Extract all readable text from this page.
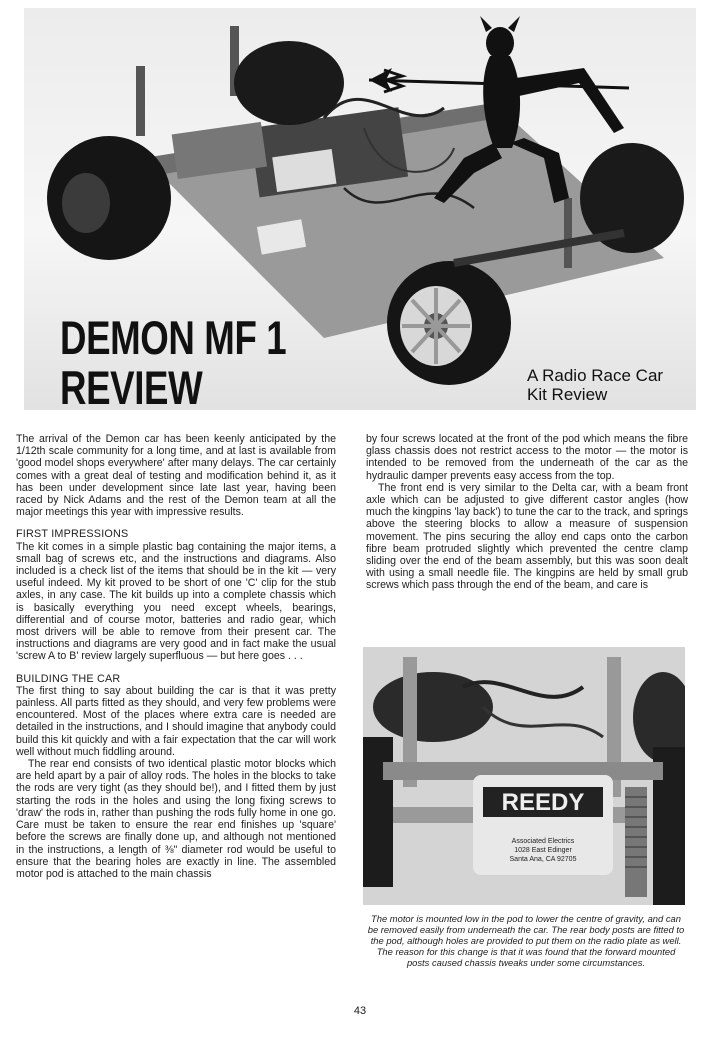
DEMON MF 1
REVIEW	A Radio Race Car
Kit Review

The arrival of the Demon car has been keenly anticipated by the 1/12th scale community for a long time, and at last is available from 'good model shops everywhere' after many delays. The car certainly comes with a great deal of testing and modification behind it, as it has been under development since late last year, having been raced by Nick Adams and the rest of the Demon team at all the major meetings this year with impressive results.

FIRST IMPRESSIONS

The kit comes in a simple plastic bag containing the major items, a small bag of screws etc, and the instructions and diagrams. Also included is a check list of the items that should be in the kit — very useful indeed. My kit proved to be short of one 'C' clip for the stub axles, in any case. The kit builds up into a complete chassis which is basically everything you need except wheels, bearings, differential and of course motor, batteries and radio gear, which most drivers will be able to remove from their present car. The instructions and diagrams are very good and in fact make the usual 'screw A to B' review largely superfluous — but here goes . . .

BUILDING THE CAR

The first thing to say about building the car is that it was pretty painless. All parts fitted as they should, and very few problems were encountered. Most of the places where extra care is needed are detailed in the instructions, and I should imagine that anybody could build this kit quickly and with a fair expectation that the car will work well without much fiddling around.

The rear end consists of two identical plastic motor blocks which are held apart by a pair of alloy rods. The holes in the blocks to take the rods are very tight (as they should be!), and I fitted them by just starting the rods in the holes and using the long fixing screws to 'draw' the rods in, rather than pushing the rods fully home in one go. Care must be taken to ensure the rear end finishes up 'square' before the screws are finally done up, and although not mentioned in the instructions, a length of ⅜" diameter rod would be useful to ensure that the bearing holes are exactly in line. The assembled motor pod is attached to the main chassis

by four screws located at the front of the pod which means the fibre glass chassis does not restrict access to the motor — the motor is intended to be removed from the underneath of the car as the hydraulic damper prevents easy access from the top.

The front end is very similar to the Delta car, with a beam front axle which can be adjusted to give different castor angles (how much the kingpins 'lay back') to tune the car to the track, and springs above the steering blocks to allow a measure of suspension movement. The pins securing the alloy end caps onto the carbon fibre beam protruded slightly which prevented the centre clamp sliding over the end of the beam assembly, but this was soon dealt with using a small needle file. The kingpins are held by small grub screws which pass through the end of the beam, and care is

REEDY
Associated Electrics
1028 East Edinger
Santa Ana, CA 92705
The motor is mounted low in the pod to lower the centre of gravity, and can be removed easily from underneath the car. The rear body posts are fitted to the pod, although holes are provided to put them on the radio plate as well. The reason for this change is that it was found that the forward mounted posts caused chassis tweaks under some circumstances.
43
